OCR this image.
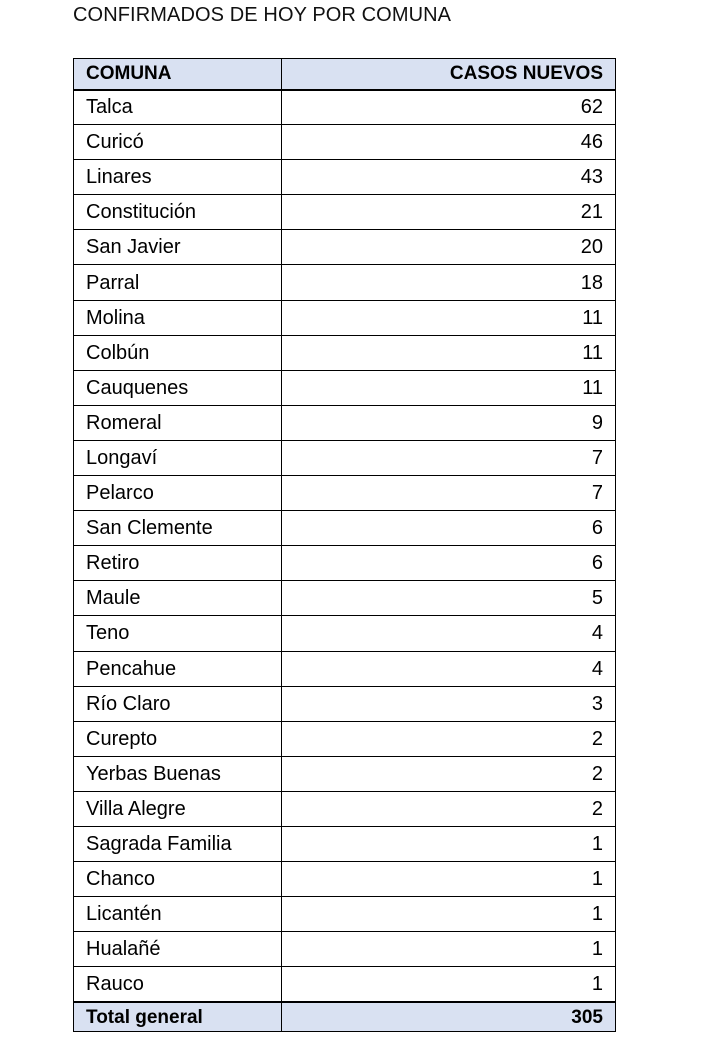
CONFIRMADOS DE HOY POR COMUNA
COMUNA	CASOS NUEVOS
Talca	62
Curicó	46
Linares	43
Constitución	21
San Javier	20
Parral	18
Molina	11
Colbún	11
Cauquenes	11
Romeral	9
Longaví	7
Pelarco	7
San Clemente	6
Retiro	6
Maule	5
Teno	4
Pencahue	4
Río Claro	3
Curepto	2
Yerbas Buenas	2
Villa Alegre	2
Sagrada Familia	1
Chanco	1
Licantén	1
Hualañé	1
Rauco	1
Total general	305
